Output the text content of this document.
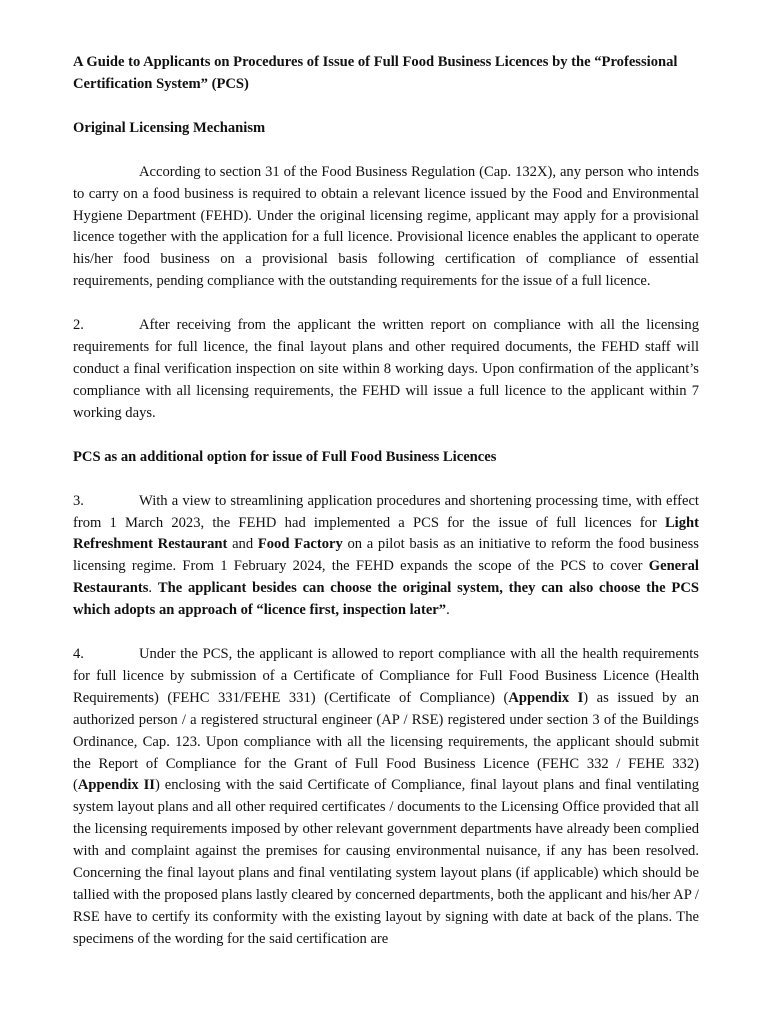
A Guide to Applicants on Procedures of Issue of Full Food Business Licences by the “Professional Certification System” (PCS)
Original Licensing Mechanism

According to section 31 of the Food Business Regulation (Cap. 132X), any person who intends to carry on a food business is required to obtain a relevant licence issued by the Food and Environmental Hygiene Department (FEHD). Under the original licensing regime, applicant may apply for a provisional licence together with the application for a full licence. Provisional licence enables the applicant to operate his/her food business on a provisional basis following certification of compliance of essential requirements, pending compliance with the outstanding requirements for the issue of a full licence.

2.	After receiving from the applicant the written report on compliance with all the licensing requirements for full licence, the final layout plans and other required documents, the FEHD staff will conduct a final verification inspection on site within 8 working days. Upon confirmation of the applicant’s compliance with all licensing requirements, the FEHD will issue a full licence to the applicant within 7 working days.

PCS as an additional option for issue of Full Food Business Licences

3.	With a view to streamlining application procedures and shortening processing time, with effect from 1 March 2023, the FEHD had implemented a PCS for the issue of full licences for Light Refreshment Restaurant and Food Factory on a pilot basis as an initiative to reform the food business licensing regime. From 1 February 2024, the FEHD expands the scope of the PCS to cover General Restaurants. The applicant besides can choose the original system, they can also choose the PCS which adopts an approach of “licence first, inspection later”.

4.	Under the PCS, the applicant is allowed to report compliance with all the health requirements for full licence by submission of a Certificate of Compliance for Full Food Business Licence (Health Requirements) (FEHC 331/FEHE 331) (Certificate of Compliance) (Appendix I) as issued by an authorized person / a registered structural engineer (AP / RSE) registered under section 3 of the Buildings Ordinance, Cap. 123. Upon compliance with all the licensing requirements, the applicant should submit the Report of Compliance for the Grant of Full Food Business Licence (FEHC 332 / FEHE 332) (Appendix II) enclosing with the said Certificate of Compliance, final layout plans and final ventilating system layout plans and all other required certificates / documents to the Licensing Office provided that all the licensing requirements imposed by other relevant government departments have already been complied with and complaint against the premises for causing environmental nuisance, if any has been resolved. Concerning the final layout plans and final ventilating system layout plans (if applicable) which should be tallied with the proposed plans lastly cleared by concerned departments, both the applicant and his/her AP / RSE have to certify its conformity with the existing layout by signing with date at back of the plans. The specimens of the wording for the said certification are
